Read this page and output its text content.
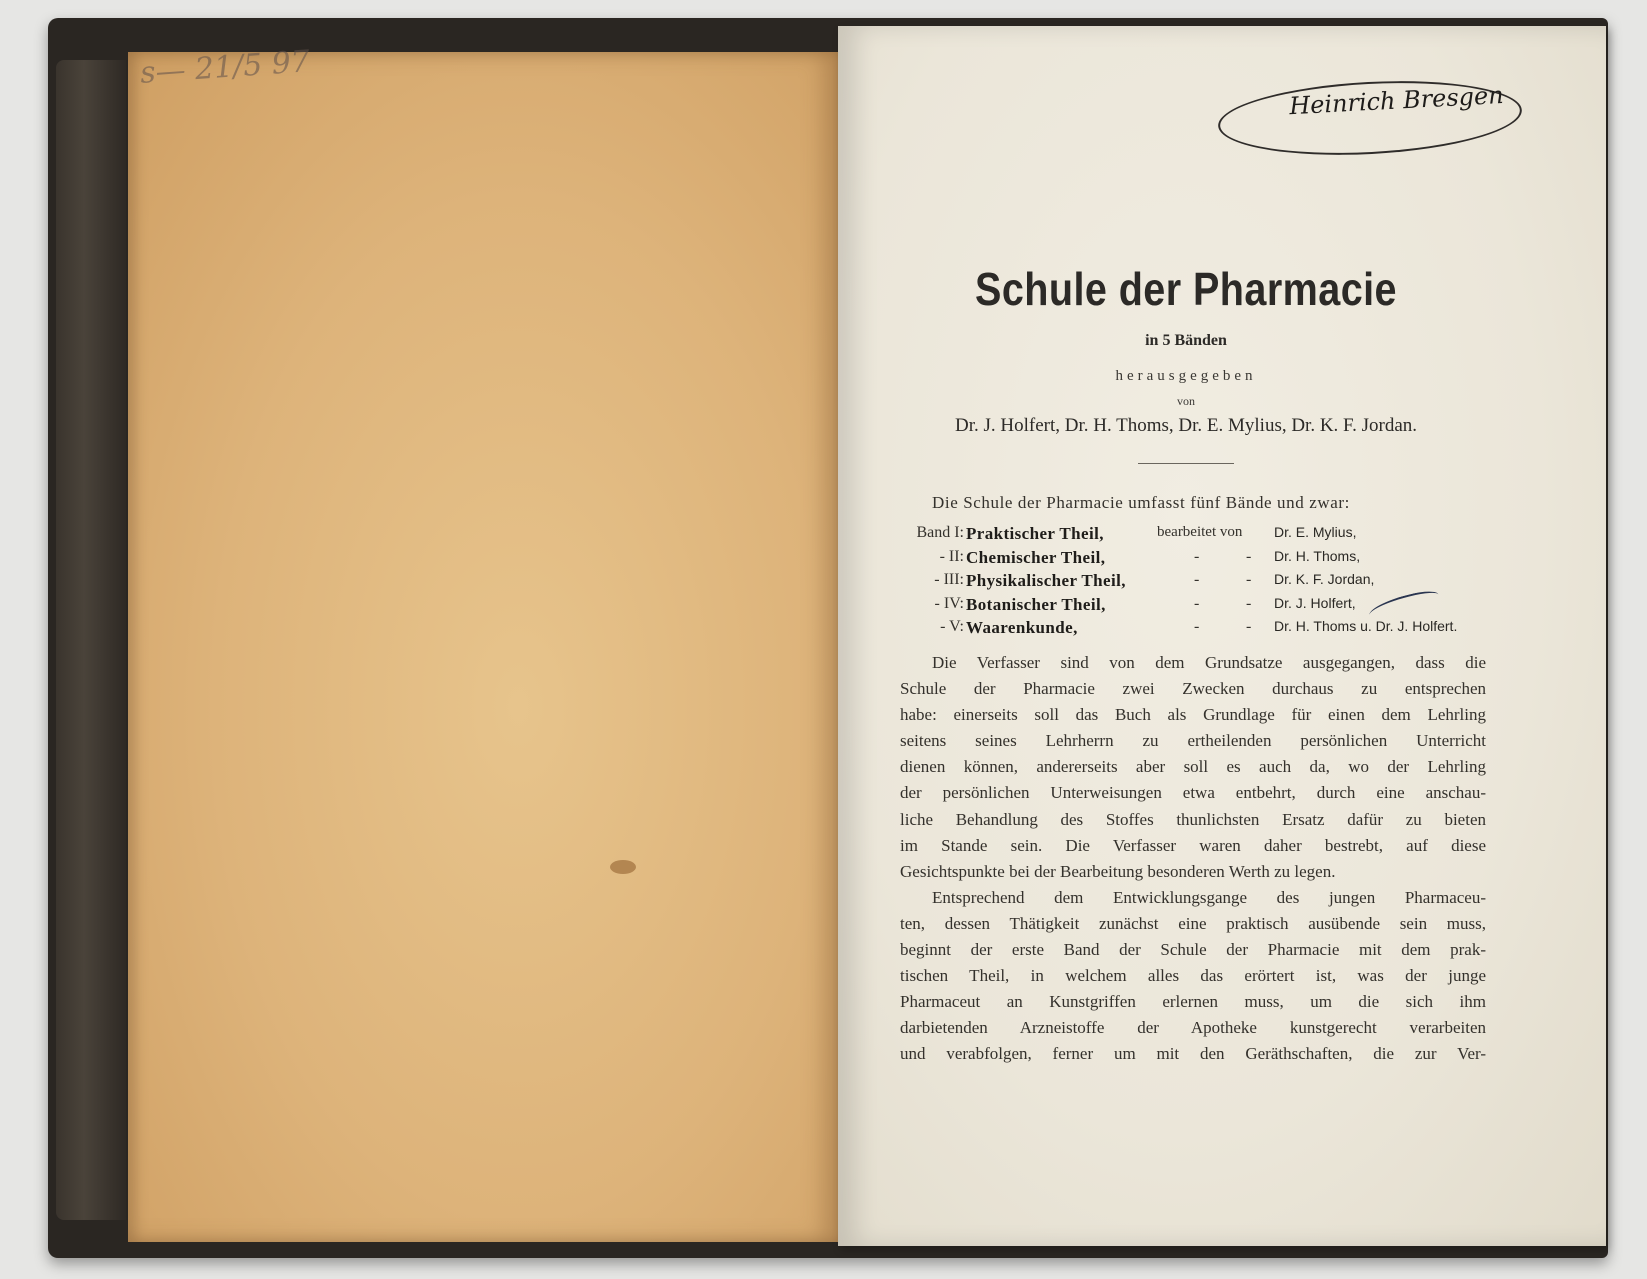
s— 21/5 97
Heinrich Bresgen
Schule der Pharmacie
in 5 Bänden
herausgegeben
von
Dr. J. Holfert, Dr. H. Thoms, Dr. E. Mylius, Dr. K. F. Jordan.
Die Schule der Pharmacie umfasst fünf Bände und zwar:
Band I: Praktischer Theil,	bearbeitet von Dr. E. Mylius,
- II: Chemischer Theil,	-	- Dr. H. Thoms,
- III: Physikalischer Theil,	-	- Dr. K. F. Jordan,
- IV: Botanischer Theil,	-	- Dr. J. Holfert,
- V: Waarenkunde,	-	- Dr. H. Thoms u. Dr. J. Holfert.
Die Verfasser sind von dem Grundsatze ausgegangen, dass die
Schule der Pharmacie zwei Zwecken durchaus zu entsprechen
habe: einerseits soll das Buch als Grundlage für einen dem Lehrling
seitens seines Lehrherrn zu ertheilenden persönlichen Unterricht
dienen können, andererseits aber soll es auch da, wo der Lehrling
der persönlichen Unterweisungen etwa entbehrt, durch eine anschau-
liche Behandlung des Stoffes thunlichsten Ersatz dafür zu bieten
im Stande sein. Die Verfasser waren daher bestrebt, auf diese
Gesichtspunkte bei der Bearbeitung besonderen Werth zu legen.
Entsprechend dem Entwicklungsgange des jungen Pharmaceu-
ten, dessen Thätigkeit zunächst eine praktisch ausübende sein muss,
beginnt der erste Band der Schule der Pharmacie mit dem prak-
tischen Theil, in welchem alles das erörtert ist, was der junge
Pharmaceut an Kunstgriffen erlernen muss, um die sich ihm
darbietenden Arzneistoffe der Apotheke kunstgerecht verarbeiten
und verabfolgen, ferner um mit den Geräthschaften, die zur Ver-
